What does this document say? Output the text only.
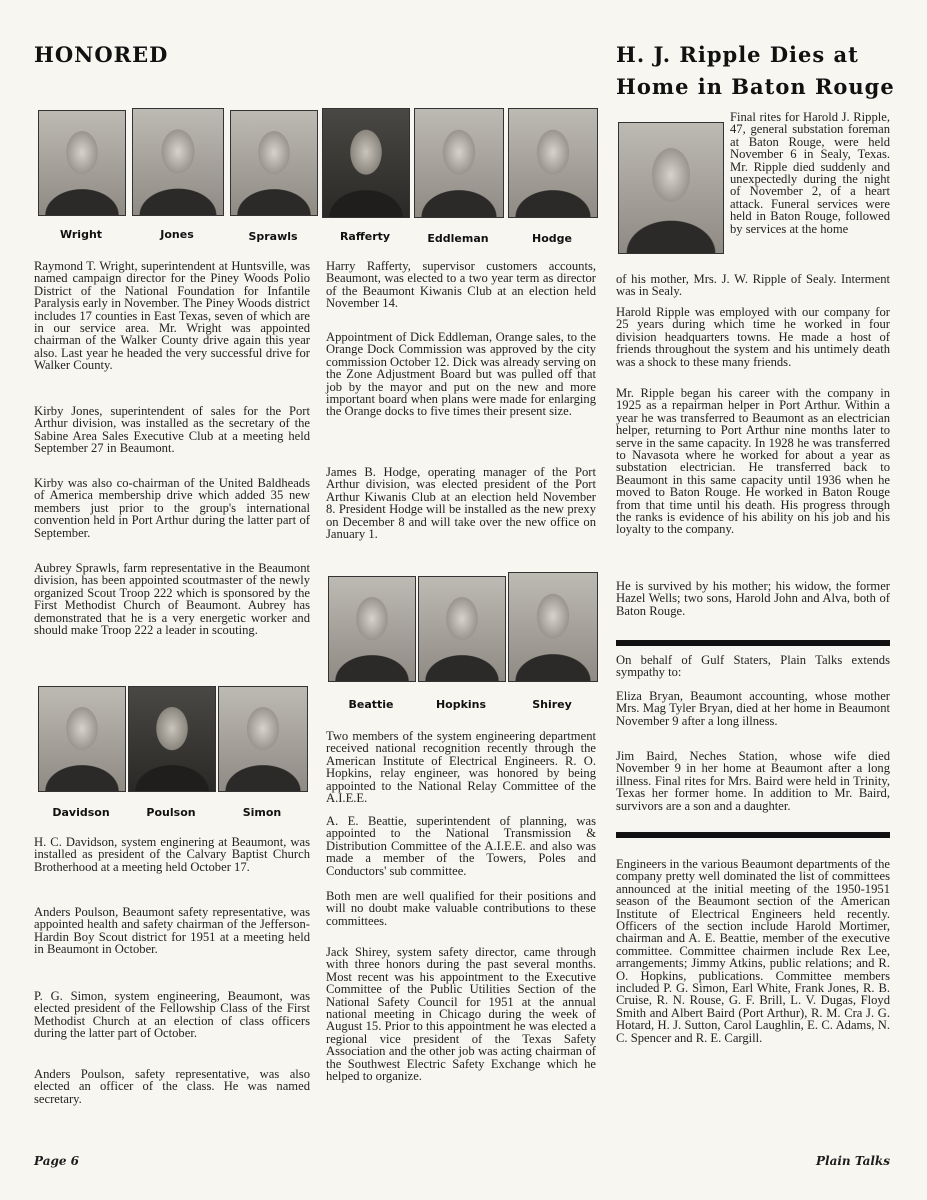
HONORED	H. J. Ripple Dies at
Home in Baton Rouge
Wright	Jones	Sprawls	Rafferty	Eddleman	Hodge

Raymond T. Wright, superintendent at Huntsville, was named campaign director for the Piney Woods Polio District of the National Foundation for Infantile Paralysis early in November. The Piney Woods district includes 17 counties in East Texas, seven of which are in our service area. Mr. Wright was appointed chairman of the Walker County drive again this year also. Last year he headed the very successful drive for Walker County.

Kirby Jones, superintendent of sales for the Port Arthur division, was installed as the secretary of the Sabine Area Sales Executive Club at a meeting held September 27 in Beaumont.

Kirby was also co-chairman of the United Baldheads of America membership drive which added 35 new members just prior to the group's international convention held in Port Arthur during the latter part of September.

Aubrey Sprawls, farm representative in the Beaumont division, has been appointed scoutmaster of the newly organized Scout Troop 222 which is sponsored by the First Methodist Church of Beaumont. Aubrey has demonstrated that he is a very energetic worker and should make Troop 222 a leader in scouting.

Davidson	Poulson	Simon

H. C. Davidson, system enginering at Beaumont, was installed as president of the Calvary Baptist Church Brotherhood at a meeting held October 17.

Anders Poulson, Beaumont safety representative, was appointed health and safety chairman of the Jefferson-Hardin Boy Scout district for 1951 at a meeting held in Beaumont in October.

P. G. Simon, system engineering, Beaumont, was elected president of the Fellowship Class of the First Methodist Church at an election of class officers during the latter part of October.

Anders Poulson, safety representative, was also elected an officer of the class. He was named secretary.

Harry Rafferty, supervisor customers accounts, Beaumont, was elected to a two year term as director of the Beaumont Kiwanis Club at an election held November 14.

Appointment of Dick Eddleman, Orange sales, to the Orange Dock Commission was approved by the city commission October 12. Dick was already serving on the Zone Adjustment Board but was pulled off that job by the mayor and put on the new and more important board when plans were made for enlarging the Orange docks to five times their present size.

James B. Hodge, operating manager of the Port Arthur division, was elected president of the Port Arthur Kiwanis Club at an election held November 8. President Hodge will be installed as the new prexy on December 8 and will take over the new office on January 1.

Beattie	Hopkins	Shirey

Two members of the system engineering department received national recognition recently through the American Institute of Electrical Engineers. R. O. Hopkins, relay engineer, was honored by being appointed to the National Relay Committee of the A.I.E.E.

A. E. Beattie, superintendent of planning, was appointed to the National Transmission & Distribution Committee of the A.I.E.E. and also was made a member of the Towers, Poles and Conductors' sub committee.

Both men are well qualified for their positions and will no doubt make valuable contributions to these committees.

Jack Shirey, system safety director, came through with three honors during the past several months. Most recent was his appointment to the Executive Committee of the Public Utilities Section of the National Safety Council for 1951 at the annual national meeting in Chicago during the week of August 15. Prior to this appointment he was elected a regional vice president of the Texas Safety Association and the other job was acting chairman of the Southwest Electric Safety Exchange which he helped to organize.

Final rites for Harold J. Ripple, 47, general substation foreman at Baton Rouge, were held November 6 in Sealy, Texas. Mr. Ripple died suddenly and unexpectedly during the night of November 2, of a heart attack. Funeral services were held in Baton Rouge, followed by services at the home

of his mother, Mrs. J. W. Ripple of Sealy. Interment was in Sealy.

Harold Ripple was employed with our company for 25 years during which time he worked in four division headquarters towns. He made a host of friends throughout the system and his untimely death was a shock to these many friends.

Mr. Ripple began his career with the company in 1925 as a repairman helper in Port Arthur. Within a year he was transferred to Beaumont as an electrician helper, returning to Port Arthur nine months later to serve in the same capacity. In 1928 he was transferred to Navasota where he worked for about a year as substation electrician. He transferred back to Beaumont in this same capacity until 1936 when he moved to Baton Rouge. He worked in Baton Rouge from that time until his death. His progress through the ranks is evidence of his ability on his job and his loyalty to the company.

He is survived by his mother; his widow, the former Hazel Wells; two sons, Harold John and Alva, both of Baton Rouge.

On behalf of Gulf Staters, Plain Talks extends sympathy to:

Eliza Bryan, Beaumont accounting, whose mother Mrs. Mag Tyler Bryan, died at her home in Beaumont November 9 after a long illness.

Jim Baird, Neches Station, whose wife died November 9 in her home at Beaumont after a long illness. Final rites for Mrs. Baird were held in Trinity, Texas her former home. In addition to Mr. Baird, survivors are a son and a daughter.

Engineers in the various Beaumont departments of the company pretty well dominated the list of committees announced at the initial meeting of the 1950-1951 season of the Beaumont section of the American Institute of Electrical Engineers held recently. Officers of the section include Harold Mortimer, chairman and A. E. Beattie, member of the executive committee. Committee chairmen include Rex Lee, arrangements; Jimmy Atkins, public relations; and R. O. Hopkins, publications. Committee members included P. G. Simon, Earl White, Frank Jones, R. B. Cruise, R. N. Rouse, G. F. Brill, L. V. Dugas, Floyd Smith and Albert Baird (Port Arthur), R. M. Cra J. G. Hotard, H. J. Sutton, Carol Laughlin, E. C. Adams, N. C. Spencer and R. E. Cargill.

Page 6	Plain Talks
